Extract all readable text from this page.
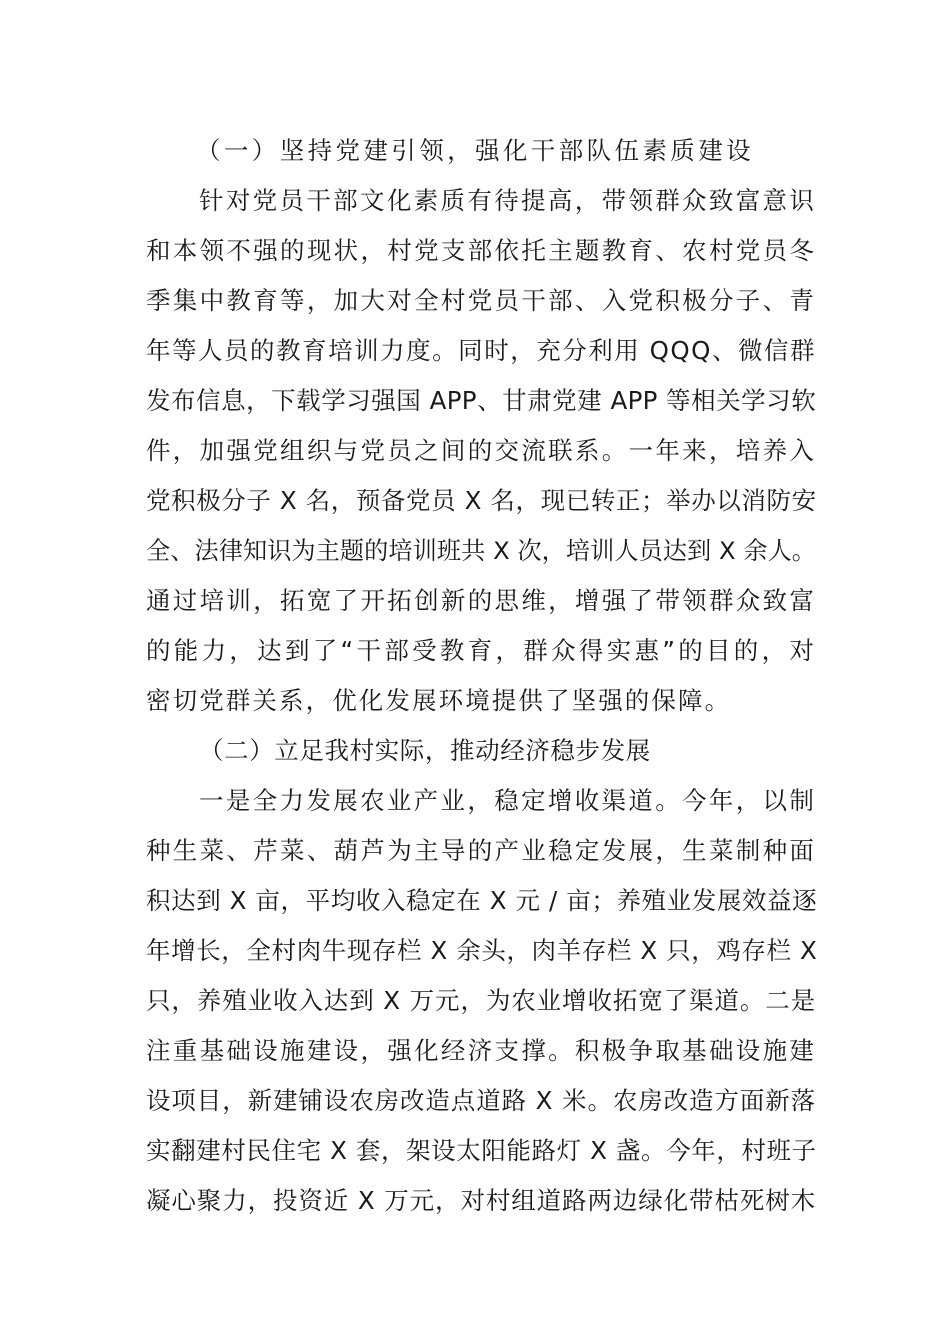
（一）坚持党建引领，强化干部队伍素质建设
针对党员干部文化素质有待提高，带领群众致富意识
和本领不强的现状，村党支部依托主题教育、农村党员冬
季集中教育等，加大对全村党员干部、入党积极分子、青
年等人员的教育培训力度。同时，充分利用 QQQ、微信群
发布信息，下载学习强国 APP、甘肃党建 APP 等相关学习软
件，加强党组织与党员之间的交流联系。一年来，培养入
党积极分子 X 名，预备党员 X 名，现已转正；举办以消防安
全、法律知识为主题的培训班共 X 次，培训人员达到 X 余人。
通过培训，拓宽了开拓创新的思维，增强了带领群众致富
的能力，达到了“干部受教育，群众得实惠”的目的，对
密切党群关系，优化发展环境提供了坚强的保障。
（二）立足我村实际，推动经济稳步发展
一是全力发展农业产业，稳定增收渠道。今年，以制
种生菜、芹菜、葫芦为主导的产业稳定发展，生菜制种面
积达到 X 亩，平均收入稳定在 X 元 / 亩；养殖业发展效益逐
年增长，全村肉牛现存栏 X 余头，肉羊存栏 X 只，鸡存栏 X
只，养殖业收入达到 X 万元，为农业增收拓宽了渠道。二是
注重基础设施建设，强化经济支撑。积极争取基础设施建
设项目，新建铺设农房改造点道路 X 米。农房改造方面新落
实翻建村民住宅 X 套，架设太阳能路灯 X 盏。今年，村班子
凝心聚力，投资近 X 万元，对村组道路两边绿化带枯死树木
